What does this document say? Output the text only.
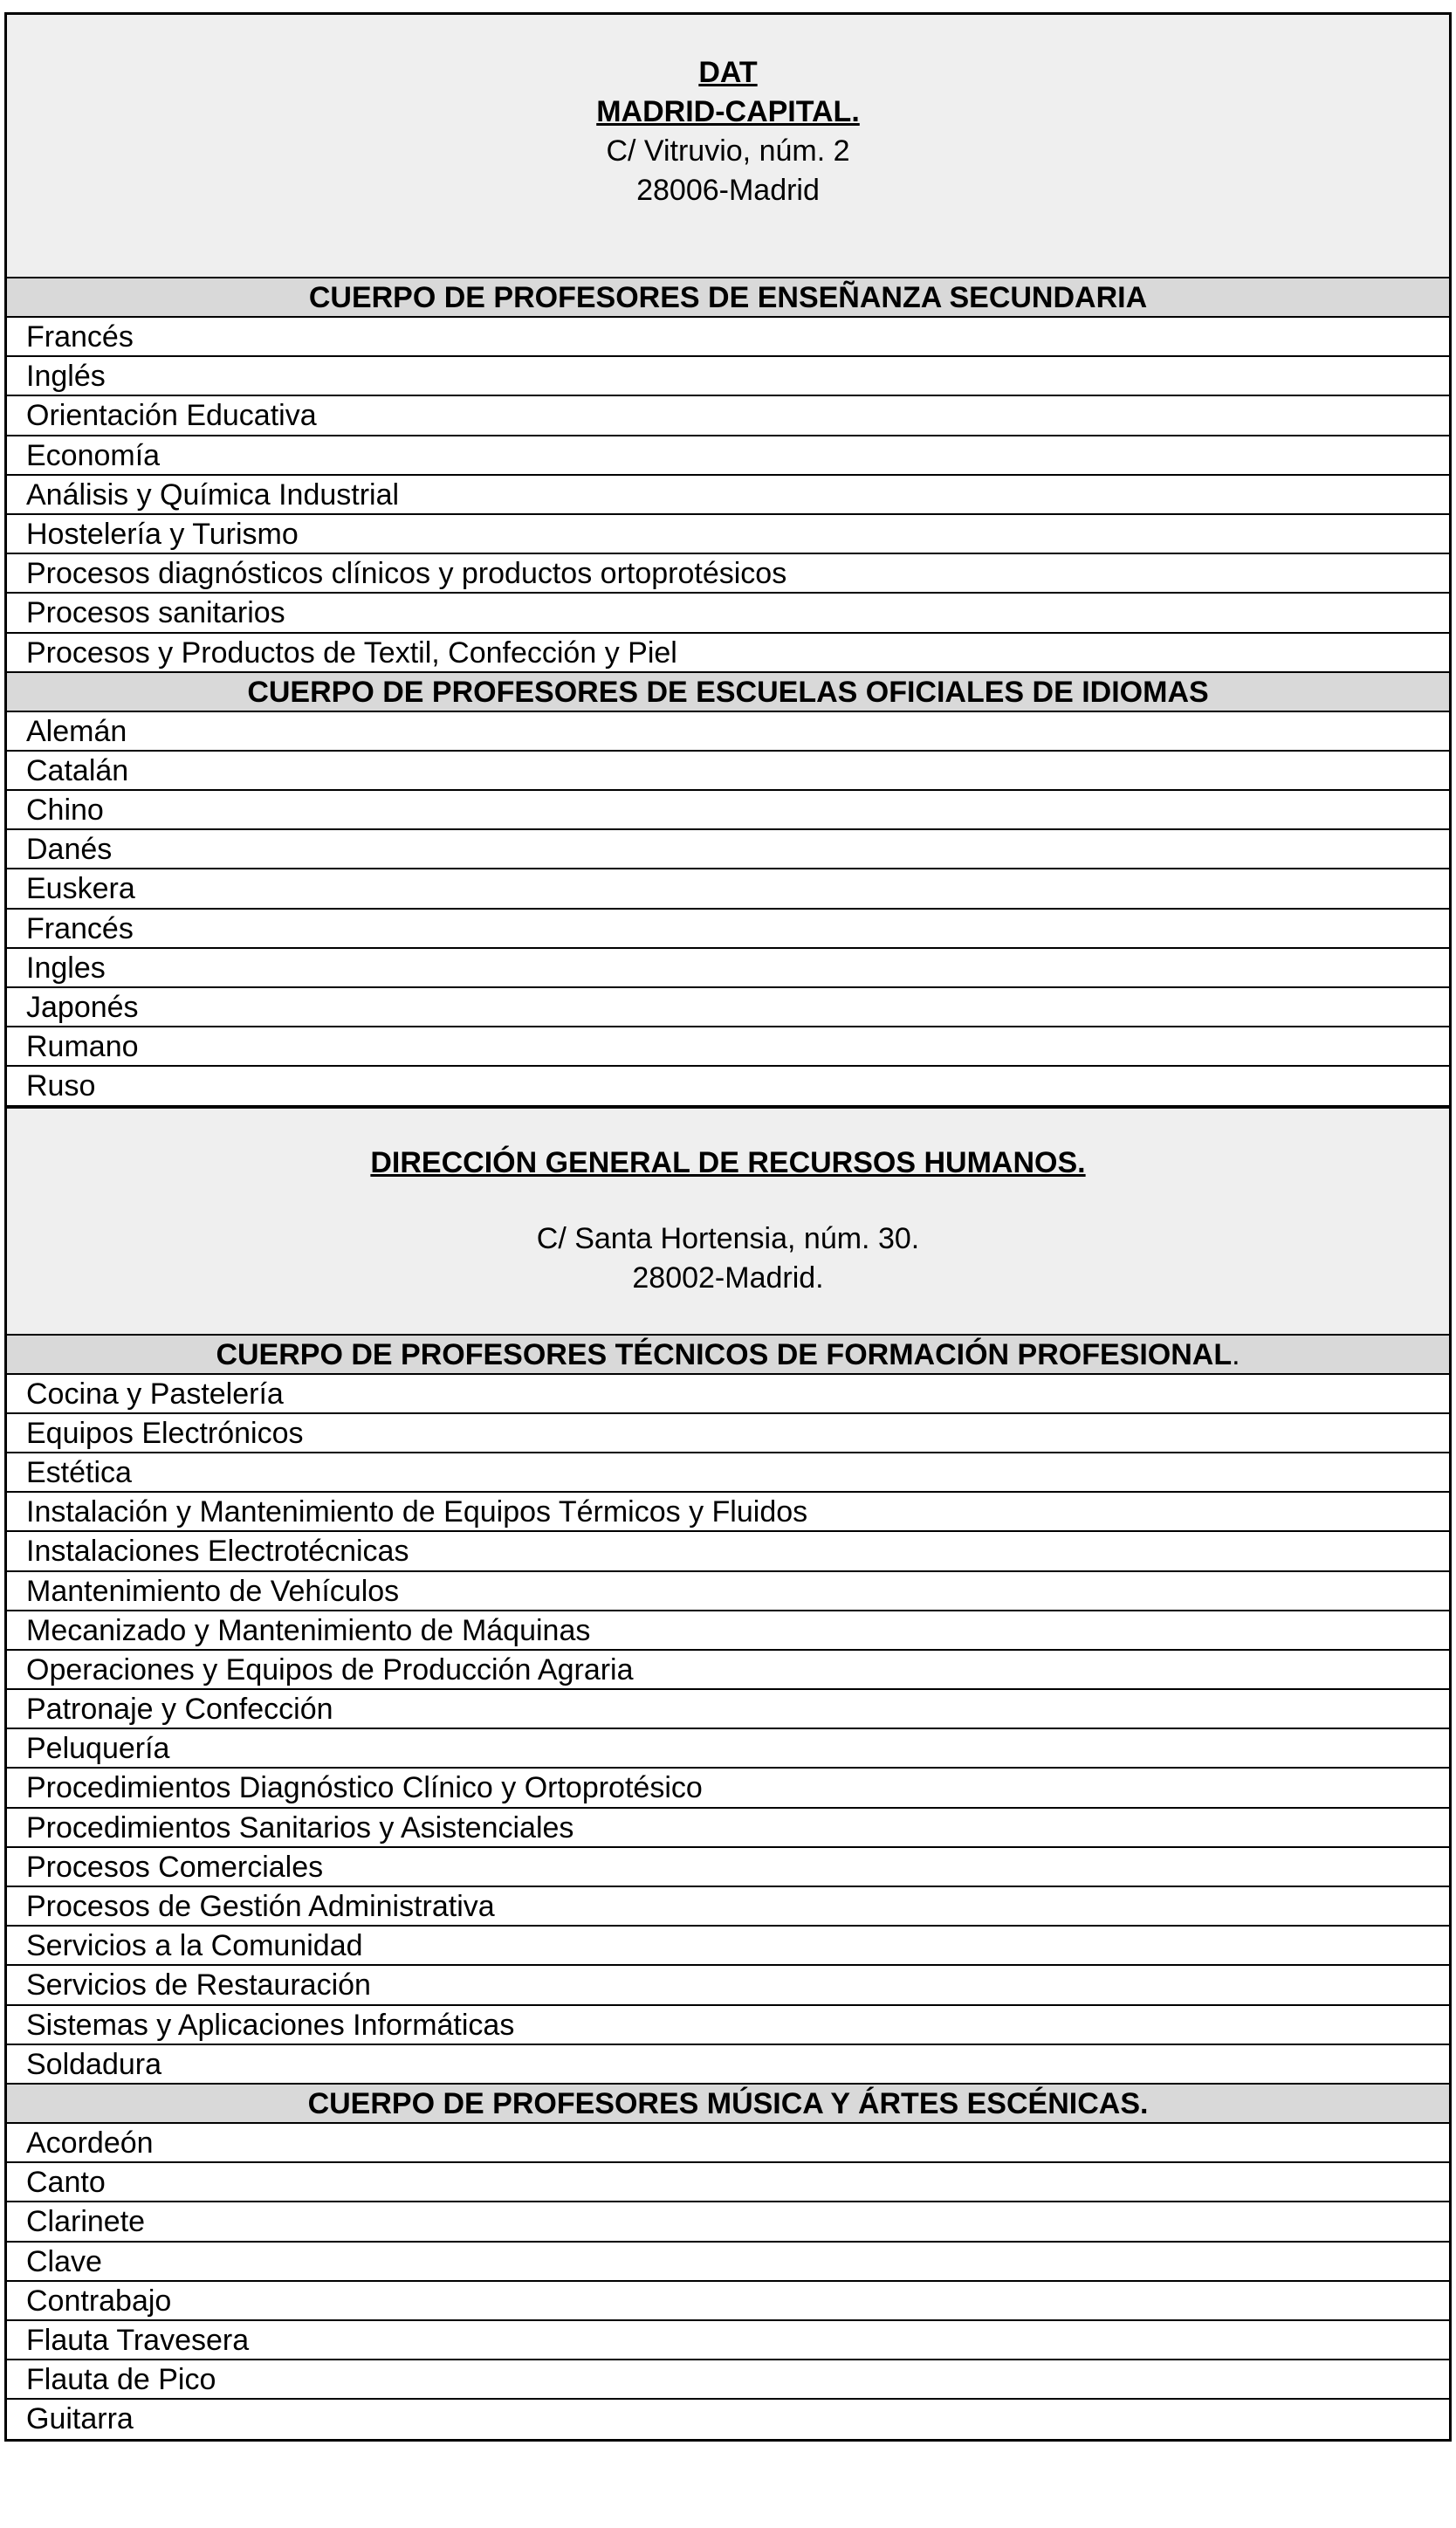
DAT
MADRID-CAPITAL.
C/ Vitruvio, núm. 2
28006-Madrid
CUERPO DE PROFESORES DE ENSEÑANZA SECUNDARIA
Francés
Inglés
Orientación Educativa
Economía
Análisis y Química Industrial
Hostelería y Turismo
Procesos diagnósticos clínicos y productos ortoprotésicos
Procesos sanitarios
Procesos y Productos de Textil, Confección y Piel
CUERPO DE PROFESORES DE ESCUELAS OFICIALES DE IDIOMAS
Alemán
Catalán
Chino
Danés
Euskera
Francés
Ingles
Japonés
Rumano
Ruso
DIRECCIÓN GENERAL DE RECURSOS HUMANOS.
C/ Santa Hortensia, núm. 30.
28002-Madrid.
CUERPO DE PROFESORES TÉCNICOS DE FORMACIÓN PROFESIONAL.
Cocina y Pastelería
Equipos Electrónicos
Estética
Instalación y Mantenimiento de Equipos Térmicos y Fluidos
Instalaciones Electrotécnicas
Mantenimiento de Vehículos
Mecanizado y Mantenimiento de Máquinas
Operaciones y Equipos de Producción Agraria
Patronaje y Confección
Peluquería
Procedimientos Diagnóstico Clínico y Ortoprotésico
Procedimientos Sanitarios y Asistenciales
Procesos Comerciales
Procesos de Gestión Administrativa
Servicios a la Comunidad
Servicios de Restauración
Sistemas y Aplicaciones Informáticas
Soldadura
CUERPO DE PROFESORES MÚSICA Y ÁRTES ESCÉNICAS.
Acordeón
Canto
Clarinete
Clave
Contrabajo
Flauta Travesera
Flauta de Pico
Guitarra
